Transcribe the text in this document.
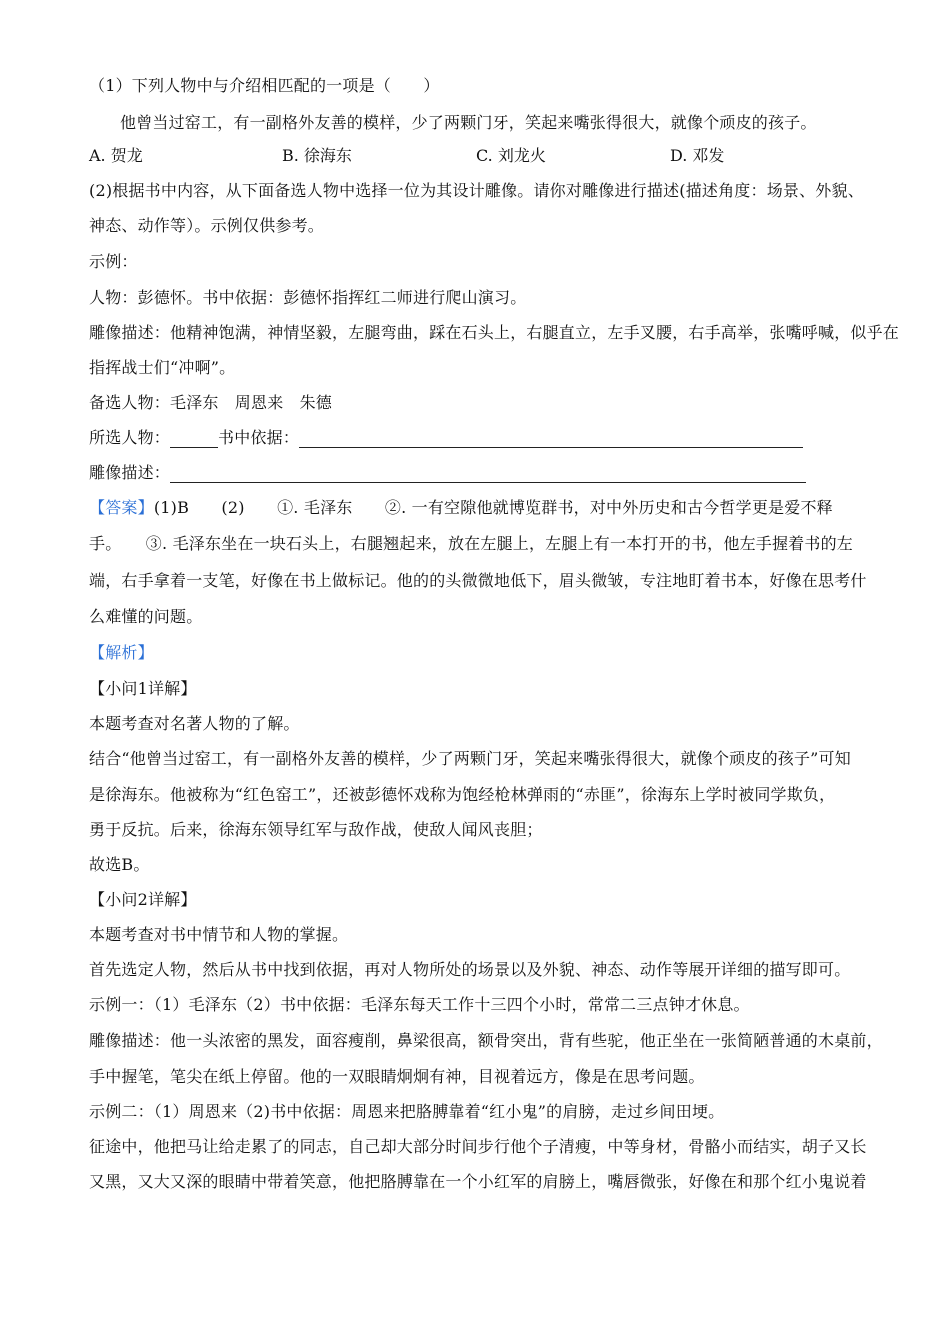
（1）下列人物中与介绍相匹配的一项是（　　）
他曾当过窑工，有一副格外友善的模样，少了两颗门牙，笑起来嘴张得很大，就像个顽皮的孩子。
A. 贺龙	B. 徐海东	C. 刘龙火	D. 邓发
(2)根据书中内容，从下面备选人物中选择一位为其设计雕像。请你对雕像进行描述(描述角度：场景、外貌、
神态、动作等）。示例仅供参考。
示例：
人物：彭德怀。书中依据：彭德怀指挥红二师进行爬山演习。
雕像描述：他精神饱满，神情坚毅，左腿弯曲，踩在石头上，右腿直立，左手叉腰，右手高举，张嘴呼喊，似乎在
指挥战士们“冲啊”。
备选人物：毛泽东　周恩来　朱德
所选人物：	书中依据：
雕像描述：
【答案】(1)B　　(2)　　①. 毛泽东　　②. 一有空隙他就博览群书，对中外历史和古今哲学更是爱不释
手。　　③. 毛泽东坐在一块石头上，右腿翘起来，放在左腿上，左腿上有一本打开的书，他左手握着书的左
端，右手拿着一支笔，好像在书上做标记。他的的头微微地低下，眉头微皱，专注地盯着书本，好像在思考什
么难懂的问题。
【解析】
【小问1详解】
本题考查对名著人物的了解。
结合“他曾当过窑工，有一副格外友善的模样，少了两颗门牙，笑起来嘴张得很大，就像个顽皮的孩子”可知
是徐海东。他被称为“红色窑工”，还被彭德怀戏称为饱经枪林弹雨的“赤匪”，徐海东上学时被同学欺负，
勇于反抗。后来，徐海东领导红军与敌作战，使敌人闻风丧胆；
故选B。
【小问2详解】
本题考查对书中情节和人物的掌握。
首先选定人物，然后从书中找到依据，再对人物所处的场景以及外貌、神态、动作等展开详细的描写即可。
示例一：（1）毛泽东（2）书中依据：毛泽东每天工作十三四个小时，常常二三点钟才休息。
雕像描述：他一头浓密的黑发，面容瘦削，鼻梁很高，额骨突出，背有些驼，他正坐在一张简陋普通的木桌前，
手中握笔，笔尖在纸上停留。他的一双眼睛炯炯有神，目视着远方，像是在思考问题。
示例二：（1）周恩来（2)书中依据：周恩来把胳膊靠着“红小鬼”的肩膀，走过乡间田埂。
征途中，他把马让给走累了的同志，自己却大部分时间步行他个子清瘦，中等身材，骨骼小而结实，胡子又长
又黑，又大又深的眼睛中带着笑意，他把胳膊靠在一个小红军的肩膀上，嘴唇微张，好像在和那个红小鬼说着
